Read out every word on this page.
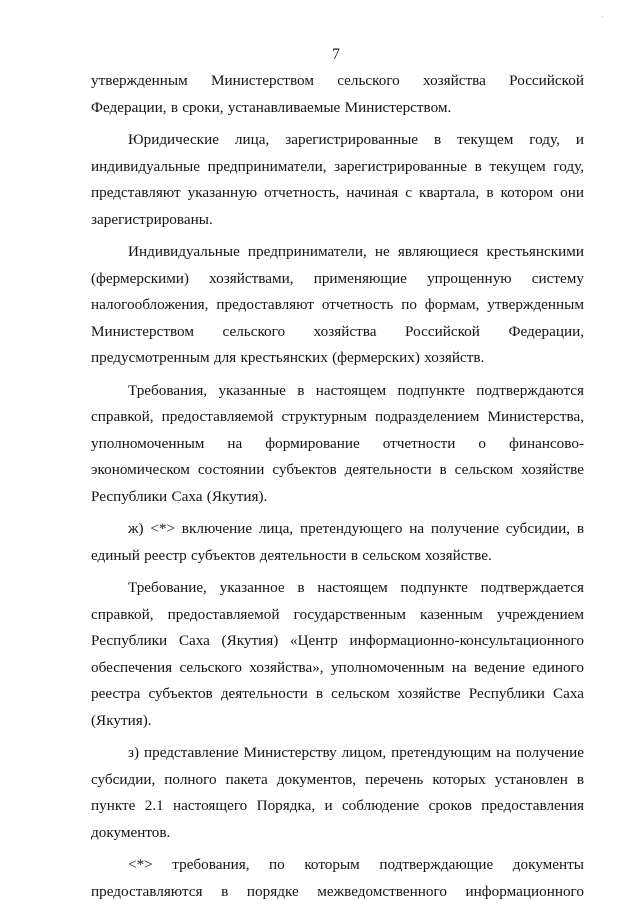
·
7

утвержденным Министерством сельского хозяйства Российской Федерации, в сроки, устанавливаемые Министерством.

Юридические лица, зарегистрированные в текущем году, и индивидуальные предприниматели, зарегистрированные в текущем году, представляют указанную отчетность, начиная с квартала, в котором они зарегистрированы.

Индивидуальные предприниматели, не являющиеся крестьянскими (фермерскими) хозяйствами, применяющие упрощенную систему налогообложения, предоставляют отчетность по формам, утвержденным Министерством сельского хозяйства Российской Федерации, предусмотренным для крестьянских (фермерских) хозяйств.

Требования, указанные в настоящем подпункте подтверждаются справкой, предоставляемой структурным подразделением Министерства, уполномоченным на формирование отчетности о финансово-экономическом состоянии субъектов деятельности в сельском хозяйстве Республики Саха (Якутия).

ж) <*> включение лица, претендующего на получение субсидии, в единый реестр субъектов деятельности в сельском хозяйстве.

Требование, указанное в настоящем подпункте подтверждается справкой, предоставляемой государственным казенным учреждением Республики Саха (Якутия) «Центр информационно-консультационного обеспечения сельского хозяйства», уполномоченным на ведение единого реестра субъектов деятельности в сельском хозяйстве Республики Саха (Якутия).

з) представление Министерству лицом, претендующим на получение субсидии, полного пакета документов, перечень которых установлен в пункте 2.1 настоящего Порядка, и соблюдение сроков предоставления документов.

<*> требования, по которым подтверждающие документы предоставляются в порядке межведомственного информационного
